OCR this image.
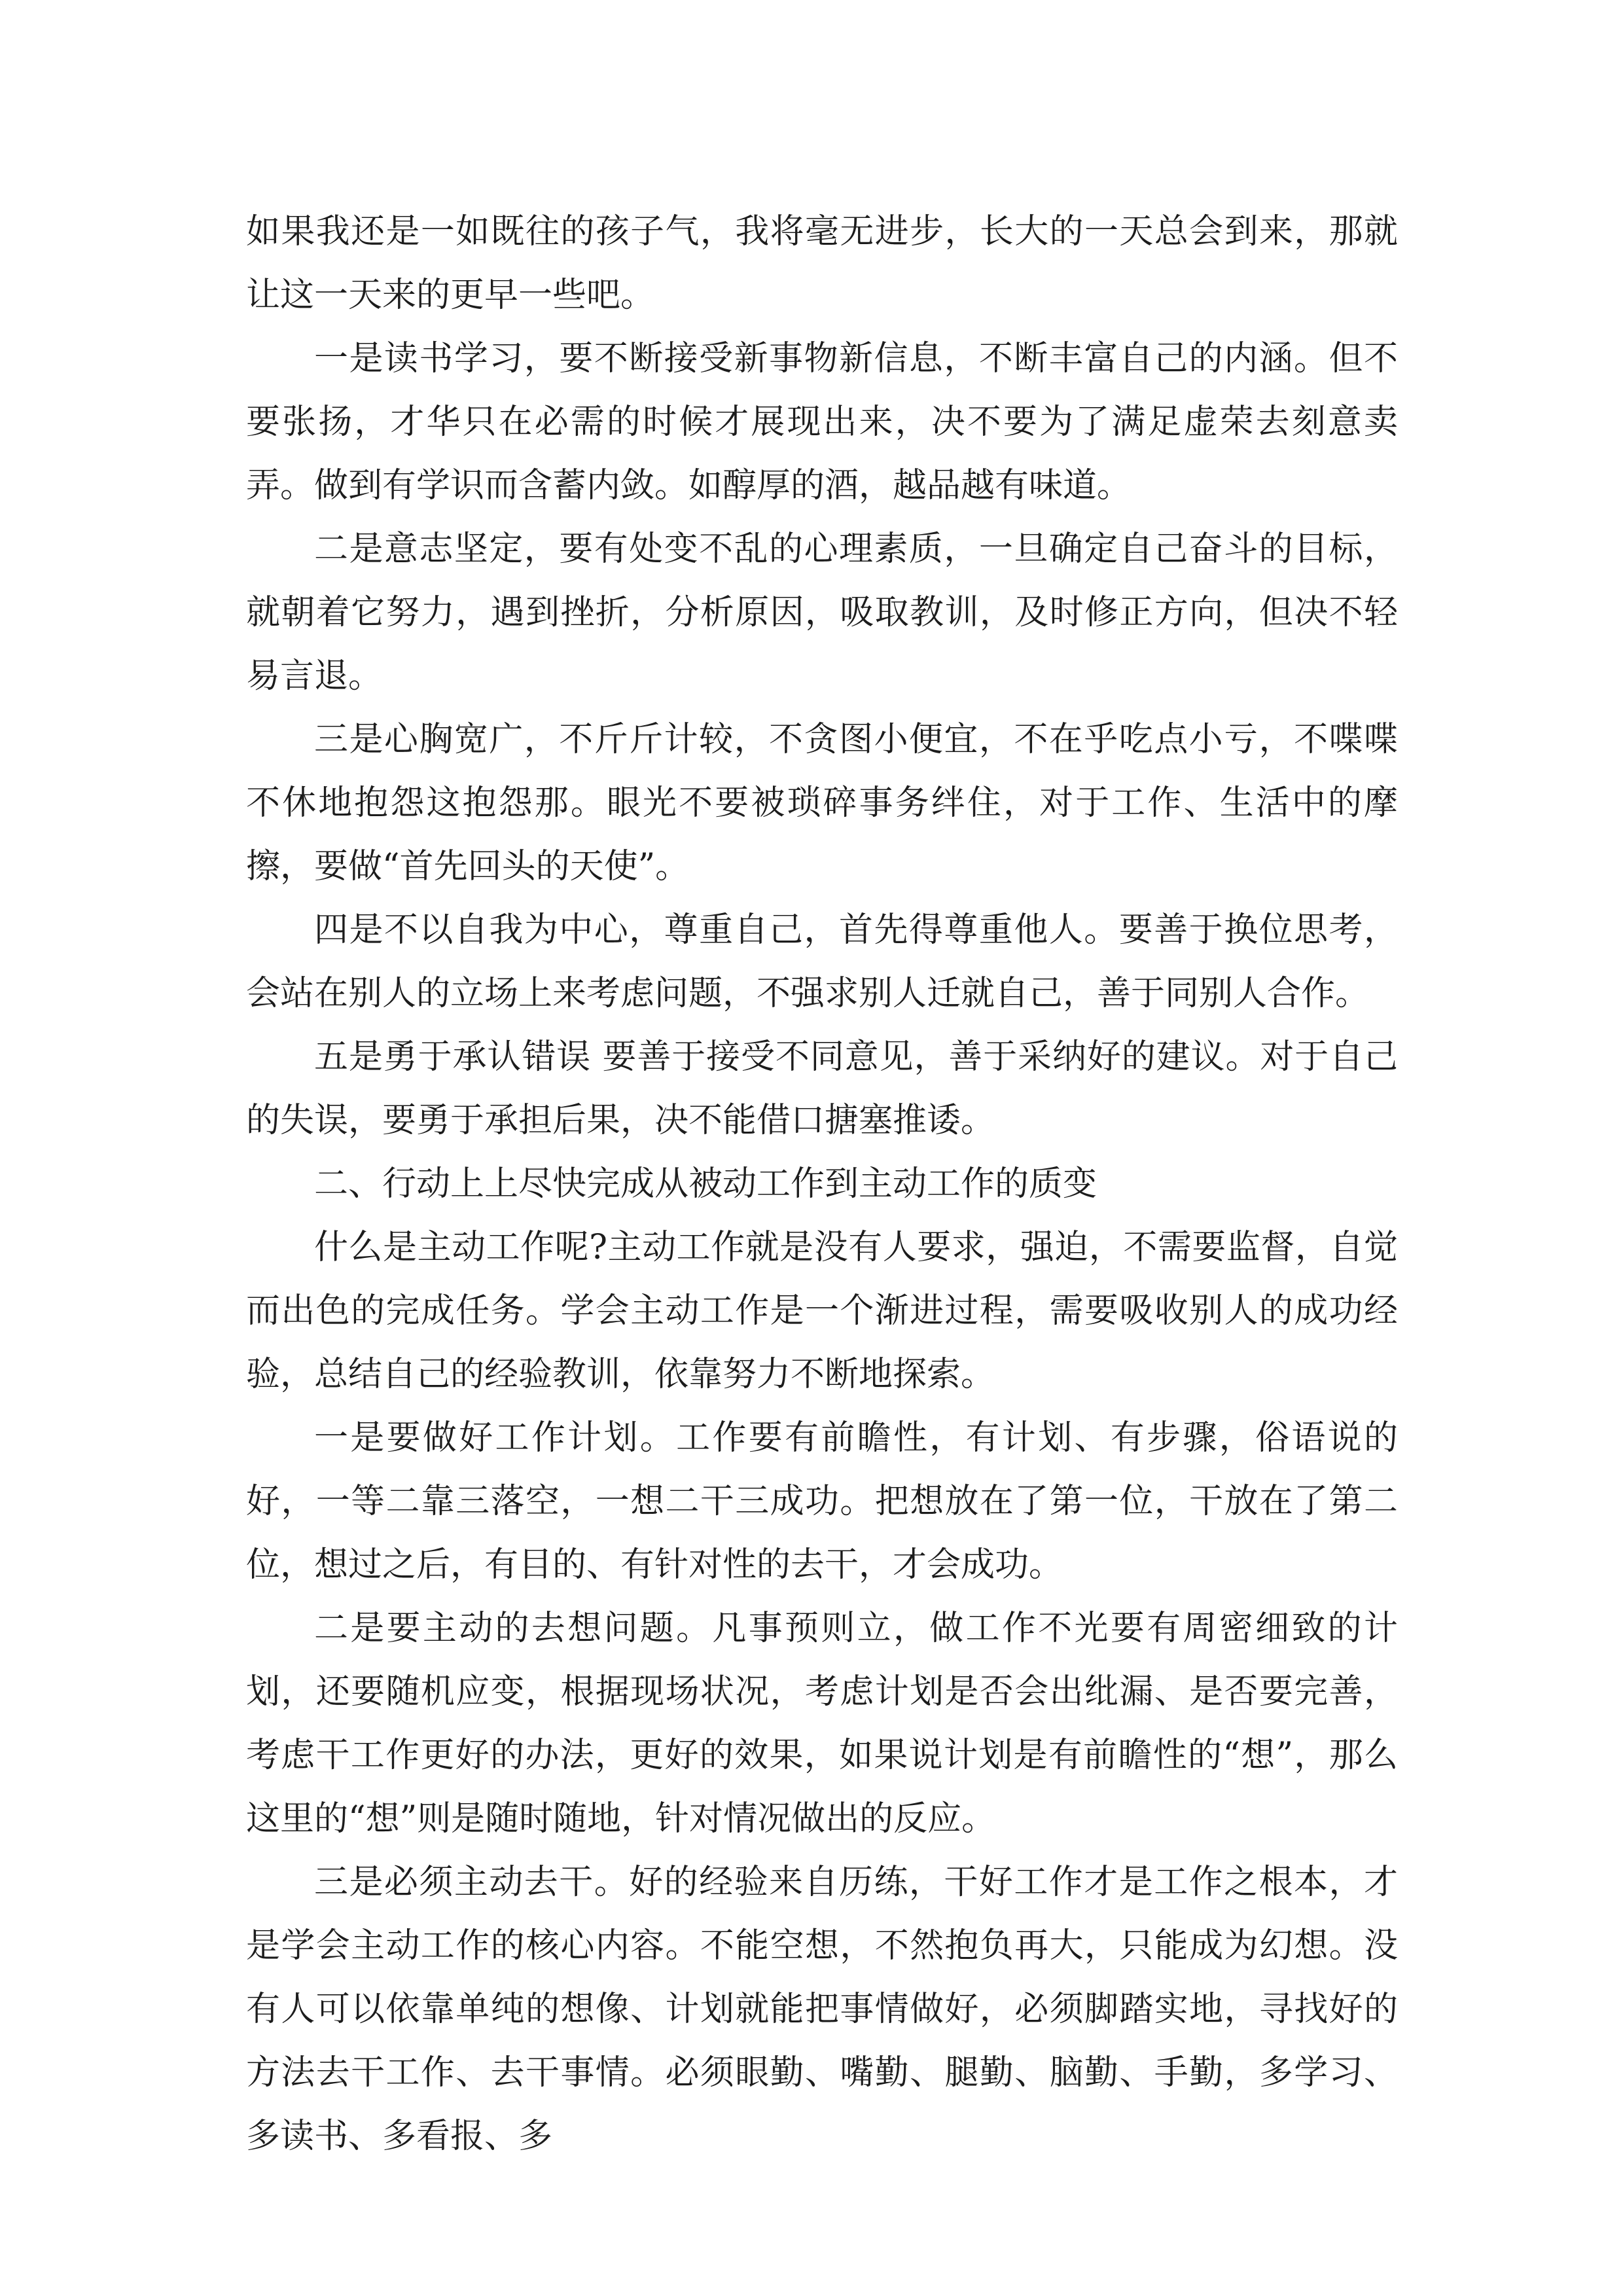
如果我还是一如既往的孩子气，我将毫无进步，长大的一天总会到来，那就让这一天来的更早一些吧。

一是读书学习，要不断接受新事物新信息，不断丰富自己的内涵。但不要张扬，才华只在必需的时候才展现出来，决不要为了满足虚荣去刻意卖弄。做到有学识而含蓄内敛。如醇厚的酒，越品越有味道。

二是意志坚定，要有处变不乱的心理素质，一旦确定自己奋斗的目标，就朝着它努力，遇到挫折，分析原因，吸取教训，及时修正方向，但决不轻易言退。

三是心胸宽广，不斤斤计较，不贪图小便宜，不在乎吃点小亏，不喋喋不休地抱怨这抱怨那。眼光不要被琐碎事务绊住，对于工作、生活中的摩擦，要做“首先回头的天使”。

四是不以自我为中心，尊重自己，首先得尊重他人。要善于换位思考，会站在别人的立场上来考虑问题，不强求别人迁就自己，善于同别人合作。

五是勇于承认错误 要善于接受不同意见，善于采纳好的建议。对于自己的失误，要勇于承担后果，决不能借口搪塞推诿。

二、行动上上尽快完成从被动工作到主动工作的质变

什么是主动工作呢?主动工作就是没有人要求，强迫，不需要监督，自觉而出色的完成任务。学会主动工作是一个渐进过程，需要吸收别人的成功经验，总结自己的经验教训，依靠努力不断地探索。

一是要做好工作计划。工作要有前瞻性，有计划、有步骤，俗语说的好，一等二靠三落空，一想二干三成功。把想放在了第一位，干放在了第二位，想过之后，有目的、有针对性的去干，才会成功。

二是要主动的去想问题。凡事预则立，做工作不光要有周密细致的计划，还要随机应变，根据现场状况，考虑计划是否会出纰漏、是否要完善，考虑干工作更好的办法，更好的效果，如果说计划是有前瞻性的“想”，那么这里的“想”则是随时随地，针对情况做出的反应。

三是必须主动去干。好的经验来自历练，干好工作才是工作之根本，才是学会主动工作的核心内容。不能空想，不然抱负再大，只能成为幻想。没有人可以依靠单纯的想像、计划就能把事情做好，必须脚踏实地，寻找好的方法去干工作、去干事情。必须眼勤、嘴勤、腿勤、脑勤、手勤，多学习、多读书、多看报、多
